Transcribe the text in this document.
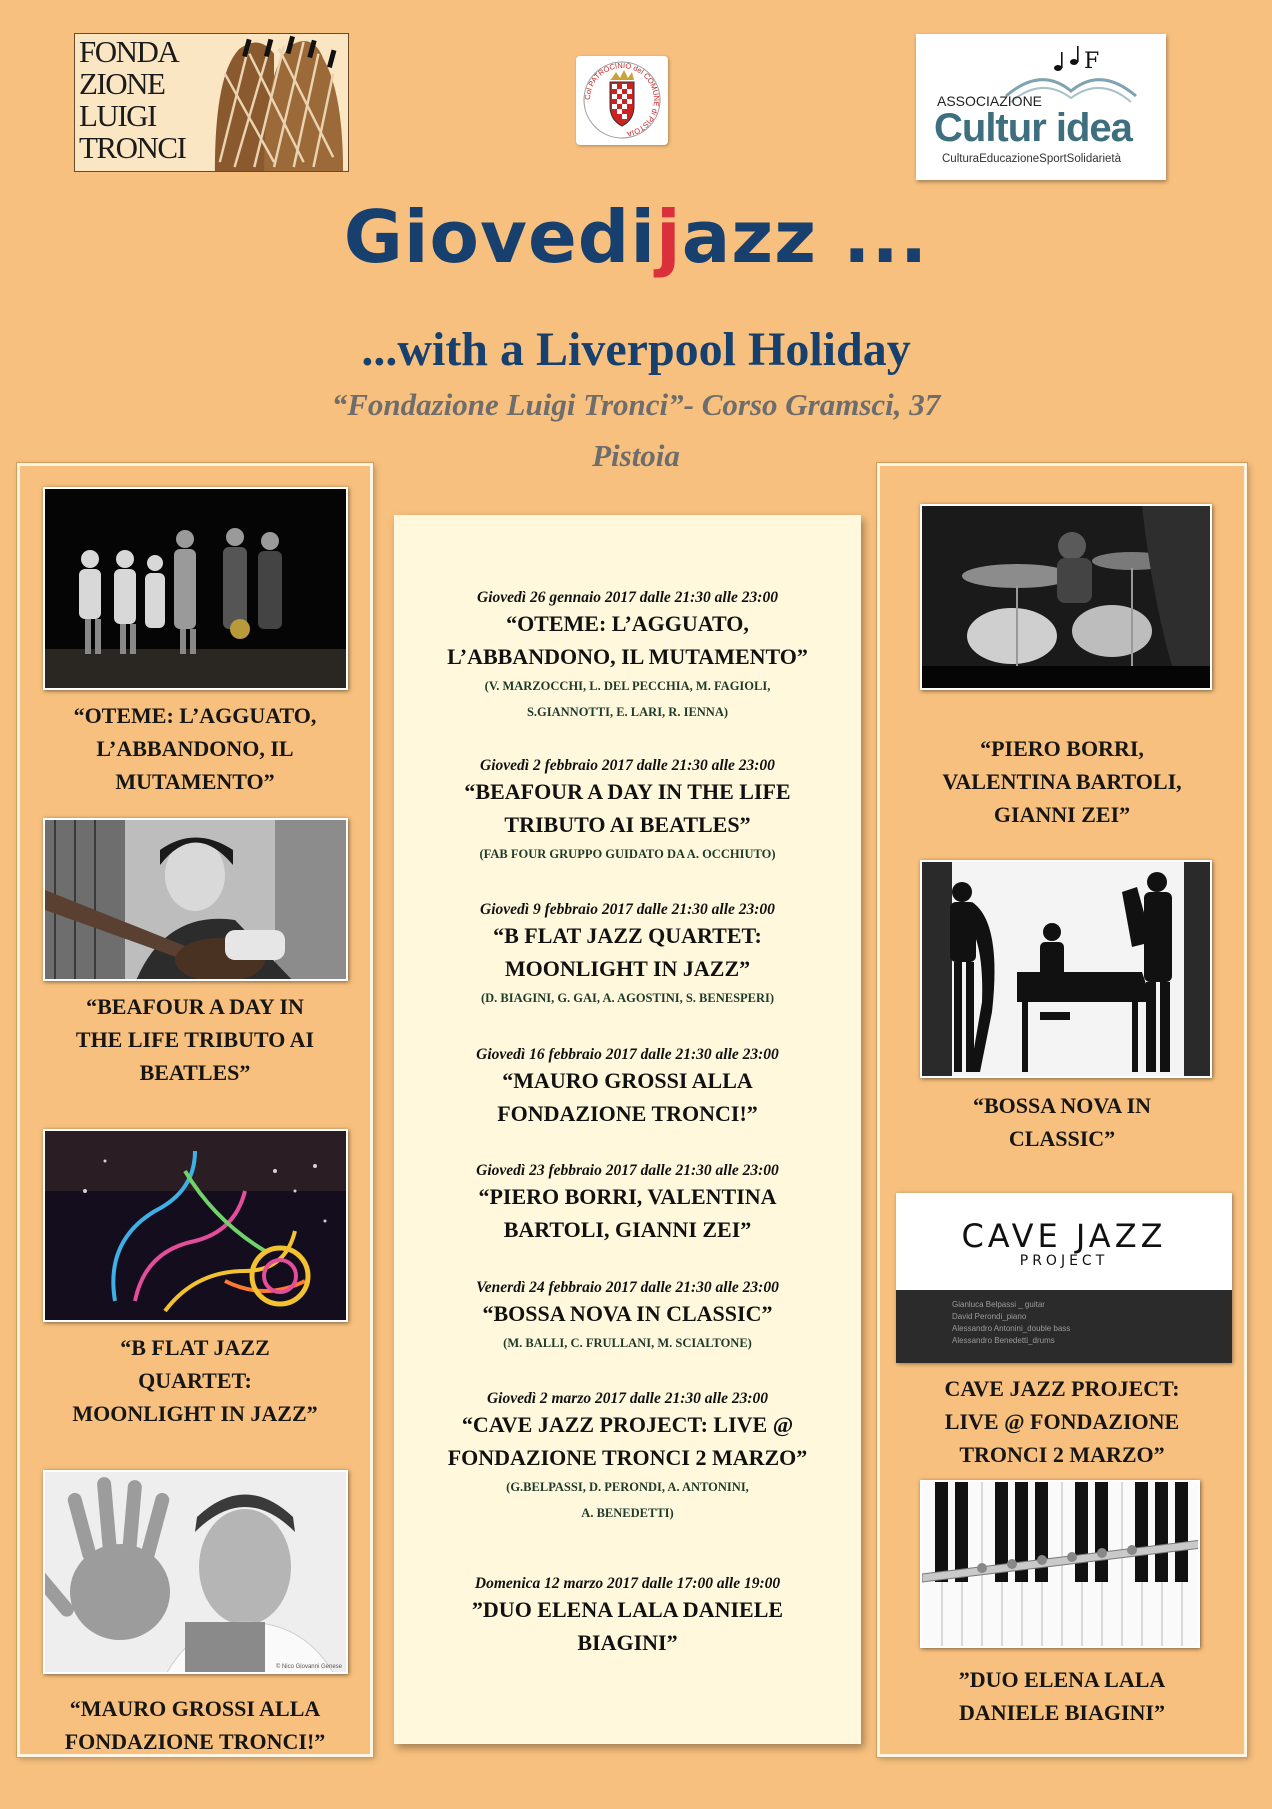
FONDA
ZIONE
LUIGI
TRONCI
Col PATROCINIO del COMUNE di PISTOIA
F
ASSOCIAZIONE
Cultur idea
CulturaEducazioneSportSolidarietà
Giovedijazz ...
...with a Liverpool Holiday
“Fondazione Luigi Tronci”- Corso Gramsci, 37
Pistoia
“OTEME: L’AGGUATO,
L’ABBANDONO, IL
MUTAMENTO”
“BEAFOUR A DAY IN
THE LIFE TRIBUTO AI
BEATLES”
“B FLAT JAZZ
QUARTET:
MOONLIGHT IN JAZZ”
© Nico Giovanni Genese
“MAURO GROSSI ALLA
FONDAZIONE TRONCI!”
Giovedì 26 gennaio 2017 dalle 21:30 alle 23:00
“OTEME: L’AGGUATO,
L’ABBANDONO, IL MUTAMENTO”
(V. MARZOCCHI, L. DEL PECCHIA, M. FAGIOLI,
S.GIANNOTTI, E. LARI, R. IENNA)
Giovedì 2 febbraio 2017 dalle 21:30 alle 23:00
“BEAFOUR A DAY IN THE LIFE
TRIBUTO AI BEATLES”
(FAB FOUR GRUPPO GUIDATO DA A. OCCHIUTO)
Giovedì 9 febbraio 2017 dalle 21:30 alle 23:00
“B FLAT JAZZ QUARTET:
MOONLIGHT IN JAZZ”
(D. BIAGINI, G. GAI, A. AGOSTINI, S. BENESPERI)
Giovedì 16 febbraio 2017 dalle 21:30 alle 23:00
“MAURO GROSSI ALLA
FONDAZIONE TRONCI!”
Giovedì 23 febbraio 2017 dalle 21:30 alle 23:00
“PIERO BORRI, VALENTINA
BARTOLI, GIANNI ZEI”
Venerdì 24 febbraio 2017 dalle 21:30 alle 23:00
“BOSSA NOVA IN CLASSIC”
(M. BALLI, C. FRULLANI, M. SCIALTONE)
Giovedì 2 marzo 2017 dalle 21:30 alle 23:00
“CAVE JAZZ PROJECT: LIVE @
FONDAZIONE TRONCI 2 MARZO”
(G.BELPASSI, D. PERONDI, A. ANTONINI,
A. BENEDETTI)
Domenica 12 marzo 2017 dalle 17:00 alle 19:00
”DUO ELENA LALA DANIELE
BIAGINI”
“PIERO BORRI,
VALENTINA BARTOLI,
GIANNI ZEI”
“BOSSA NOVA IN
CLASSIC”
CAVE JAZZ
PROJECT
Gianluca Belpassi _ guitar
David Perondi_piano
Alessandro Antonini_double bass
Alessandro Benedetti_drums
CAVE JAZZ PROJECT:
LIVE @ FONDAZIONE
TRONCI 2 MARZO”
”DUO ELENA LALA
DANIELE BIAGINI”
